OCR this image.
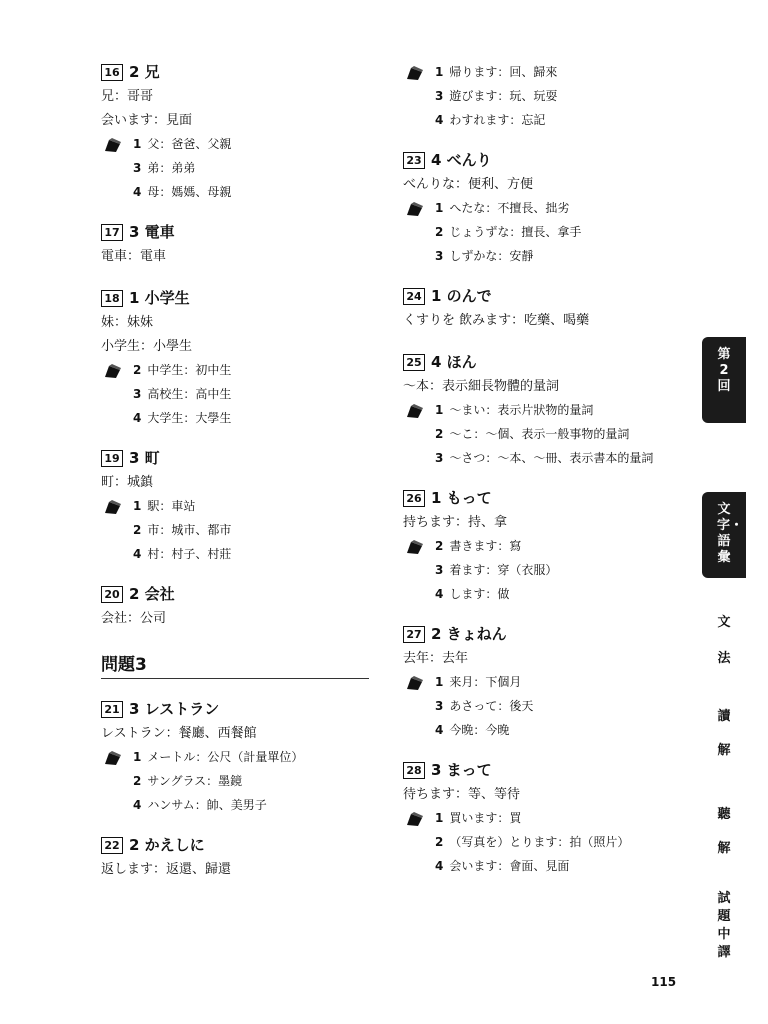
16 2 兄
兄：哥哥
会います：見面
1 父：爸爸、父親
3 弟：弟弟
4 母：媽媽、母親
17 3 電車
電車：電車
18 1 小学生
妹：妹妹
小学生：小學生
2 中学生：初中生
3 高校生：高中生
4 大学生：大學生
19 3 町
町：城鎮
1 駅：車站
2 市：城市、都市
4 村：村子、村莊
20 2 会社
会社：公司
問題3
21 3 レストラン
レストラン：餐廳、西餐館
1 メートル：公尺（計量單位）
2 サングラス：墨鏡
4 ハンサム：帥、美男子
22 2 かえしに
返します：返還、歸還
1 帰ります：回、歸來
3 遊びます：玩、玩耍
4 わすれます：忘記
23 4 べんり
べんりな：便利、方便
1 へたな：不擅長、拙劣
2 じょうずな：擅長、拿手
3 しずかな：安靜
24 1 のんで
くすりを 飲みます：吃藥、喝藥
25 4 ほん
～本：表示細長物體的量詞
1 ～まい：表示片狀物的量詞
2 ～こ：～個、表示一般事物的量詞
3 ～さつ：～本、～冊、表示書本的量詞
26 1 もって
持ちます：持、拿
2 書きます：寫
3 着ます：穿（衣服）
4 します：做
27 2 きょねん
去年：去年
1 来月：下個月
3 あさって：後天
4 今晩：今晚
28 3 まって
待ちます：等、等待
1 買います：買
2 （写真を）とります：拍（照片）
4 会います：會面、見面
第2回
文字・語彙
文法
讀解
聽解
試題中譯
115
